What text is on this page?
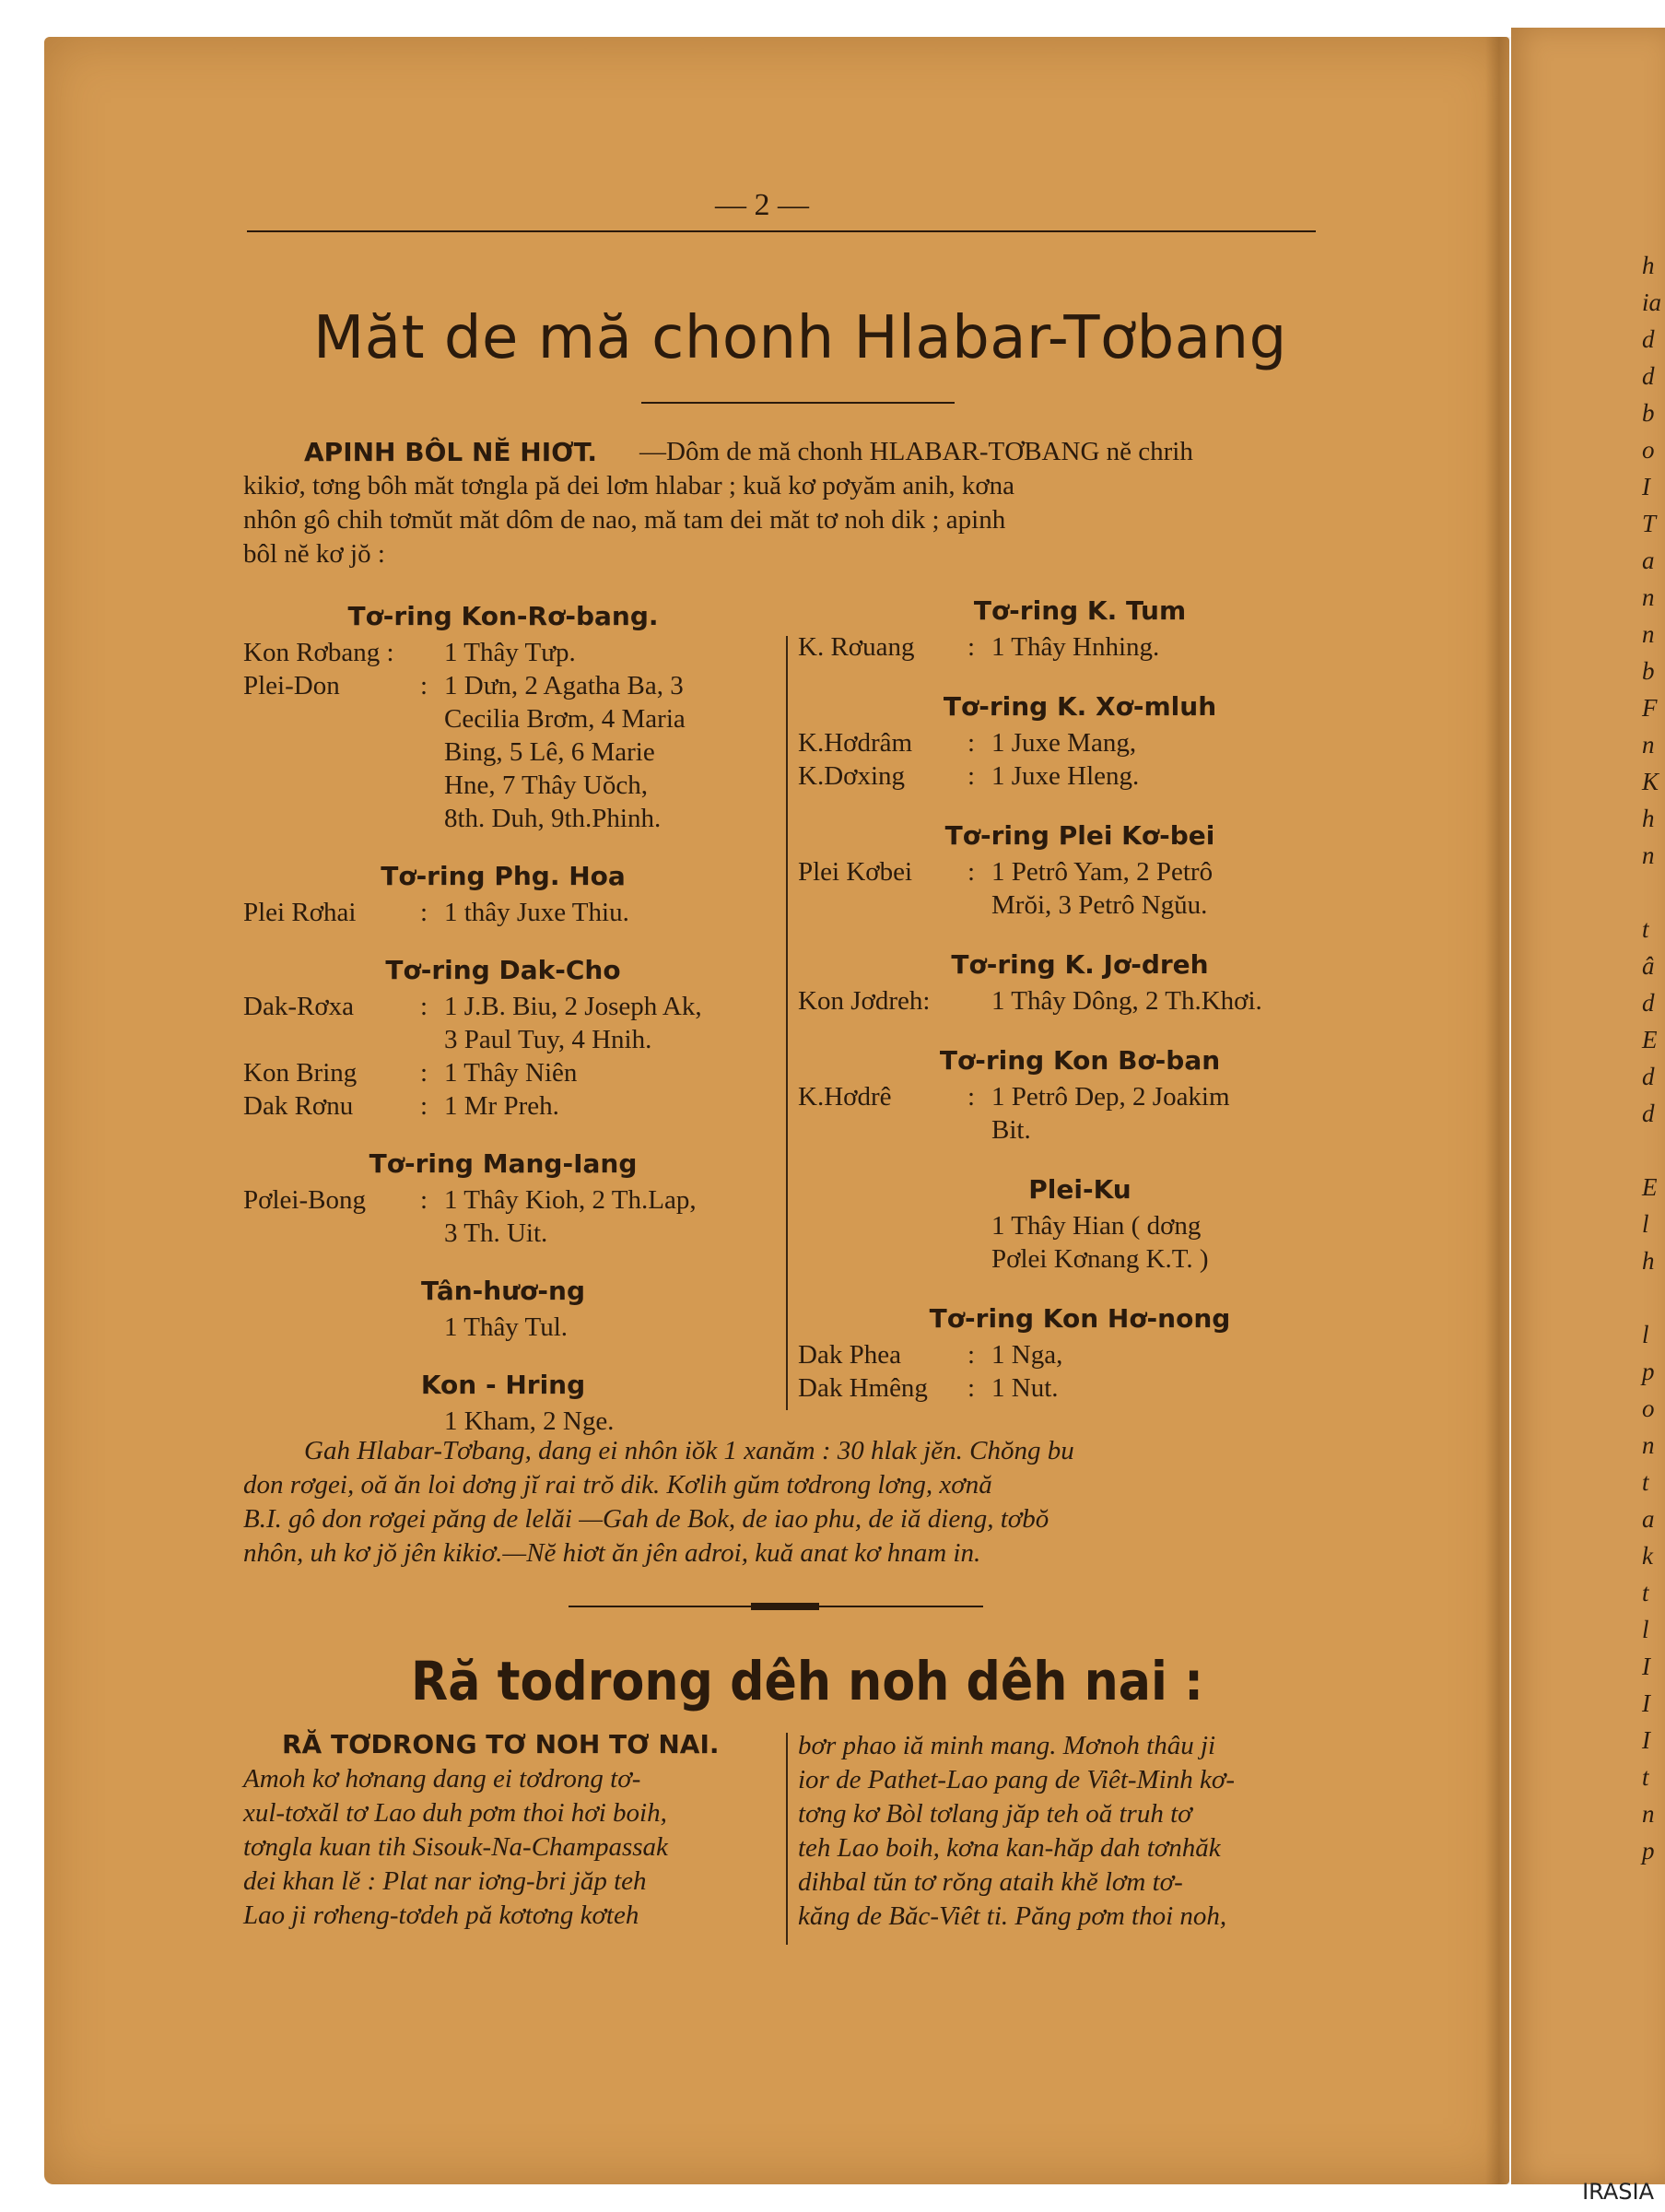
— 2 —
Măt de mă chonh Hlabar-Tơbang
APINH BÔL NĔ HIƠT. —Dôm de mă chonh HLABAR-TƠBANG nĕ chrih
kikiơ, tơng bôh măt tơngla pă dei lơm hlabar ; kuă kơ pơyăm anih, kơna
nhôn gô chih tơmŭt măt dôm de nao, mă tam dei măt tơ noh dik ; apinh
bôl nĕ kơ jŏ :
Tơ-ring Kon-Rơ-bang.
Kon Rơbang : 1 Thây Tưp.
Plei-Don	: 1 Dưn, 2 Agatha Ba, 3
Cecilia Brơm, 4 Maria
Bing, 5 Lê, 6 Marie
Hne, 7 Thây Uŏch,
8th. Duh, 9th.Phinh.
Tơ-ring Phg. Hoa
Plei Rơhai : 1 thây Juxe Thiu.
Tơ-ring Dak-Cho
Dak-Rơxa : 1 J.B. Biu, 2 Joseph Ak,
3 Paul Tuy, 4 Hnih.
Kon Bring : 1 Thây Niên
Dak Rơnu	: 1 Mr Preh.
Tơ-ring Mang-Iang
Pơlei-Bong : 1 Thây Kioh, 2 Th.Lap,
3 Th. Uit.
Tân-hươ-ng
1 Thây Tul.
Kon - Hring
1 Kham, 2 Nge.
Tơ-ring K. Tum
K. Rơuang : 1 Thây Hnhing.
Tơ-ring K. Xơ-mluh
K.Hơdrâm : 1 Juxe Mang,
K.Dơxing : 1 Juxe Hleng.
Tơ-ring Plei Kơ-bei
Plei Kơbei : 1 Petrô Yam, 2 Petrô
Mrŏi, 3 Petrô Ngŭu.
Tơ-ring K. Jơ-dreh
Kon Jơdreh: 1 Thây Dông, 2 Th.Khơi.
Tơ-ring Kon Bơ-ban
K.Hơdrê	: 1 Petrô Dep, 2 Joakim
Bit.
Plei-Ku
1 Thây Hian ( dơng
Pơlei Kơnang K.T. )
Tơ-ring Kon Hơ-nong
Dak Phea : 1 Nga,
Dak Hmêng : 1 Nut.
Gah Hlabar-Tơbang, dang ei nhôn iŏk 1 xanăm : 30 hlak jĕn. Chŏng bu
don rơgei, oă ăn loi dơng jĭ rai trŏ dik. Kơlih gŭm tơdrong lơng, xơnă
B.I. gô don rơgei păng de lelăi —Gah de Bok, de iao phu, de iă dieng, tơbŏ
nhôn, uh kơ jŏ jên kikiơ.—Nĕ hiơt ăn jên adroi, kuă anat kơ hnam in.
Ră todrong dêh noh dêh nai :
RĂ TƠDRONG TƠ NOH TƠ NAI.
Amoh kơ hơnang dang ei tơdrong tơ-
xul-tơxăl tơ Lao duh pơm thoi hơi boih,
tơngla kuan tih Sisouk-Na-Champassak
dei khan lĕ : Plat nar iơng-bri jăp teh
Lao ji rơheng-tơdeh pă kơtơng kơteh
bơr phao iă minh mang. Mơnoh thâu ji
ior de Pathet-Lao pang de Viêt-Minh kơ-
tơng kơ Bòl tơlang jăp teh oă truh tơ
teh Lao boih, kơna kan-hăp dah tơnhăk
dihbal tŭn tơ rŏng ataih khĕ lơm tơ-
kăng de Băc-Viêt ti. Păng pơm thoi noh,
h
ia
d
d
b
o
I
T
a
n
n
b
F
n
K
h
n
t
â
d
E
d
d
E
l
h
l
p
o
n
t
a
k
t
l
I
I
I
t
n
p
IRASIA
